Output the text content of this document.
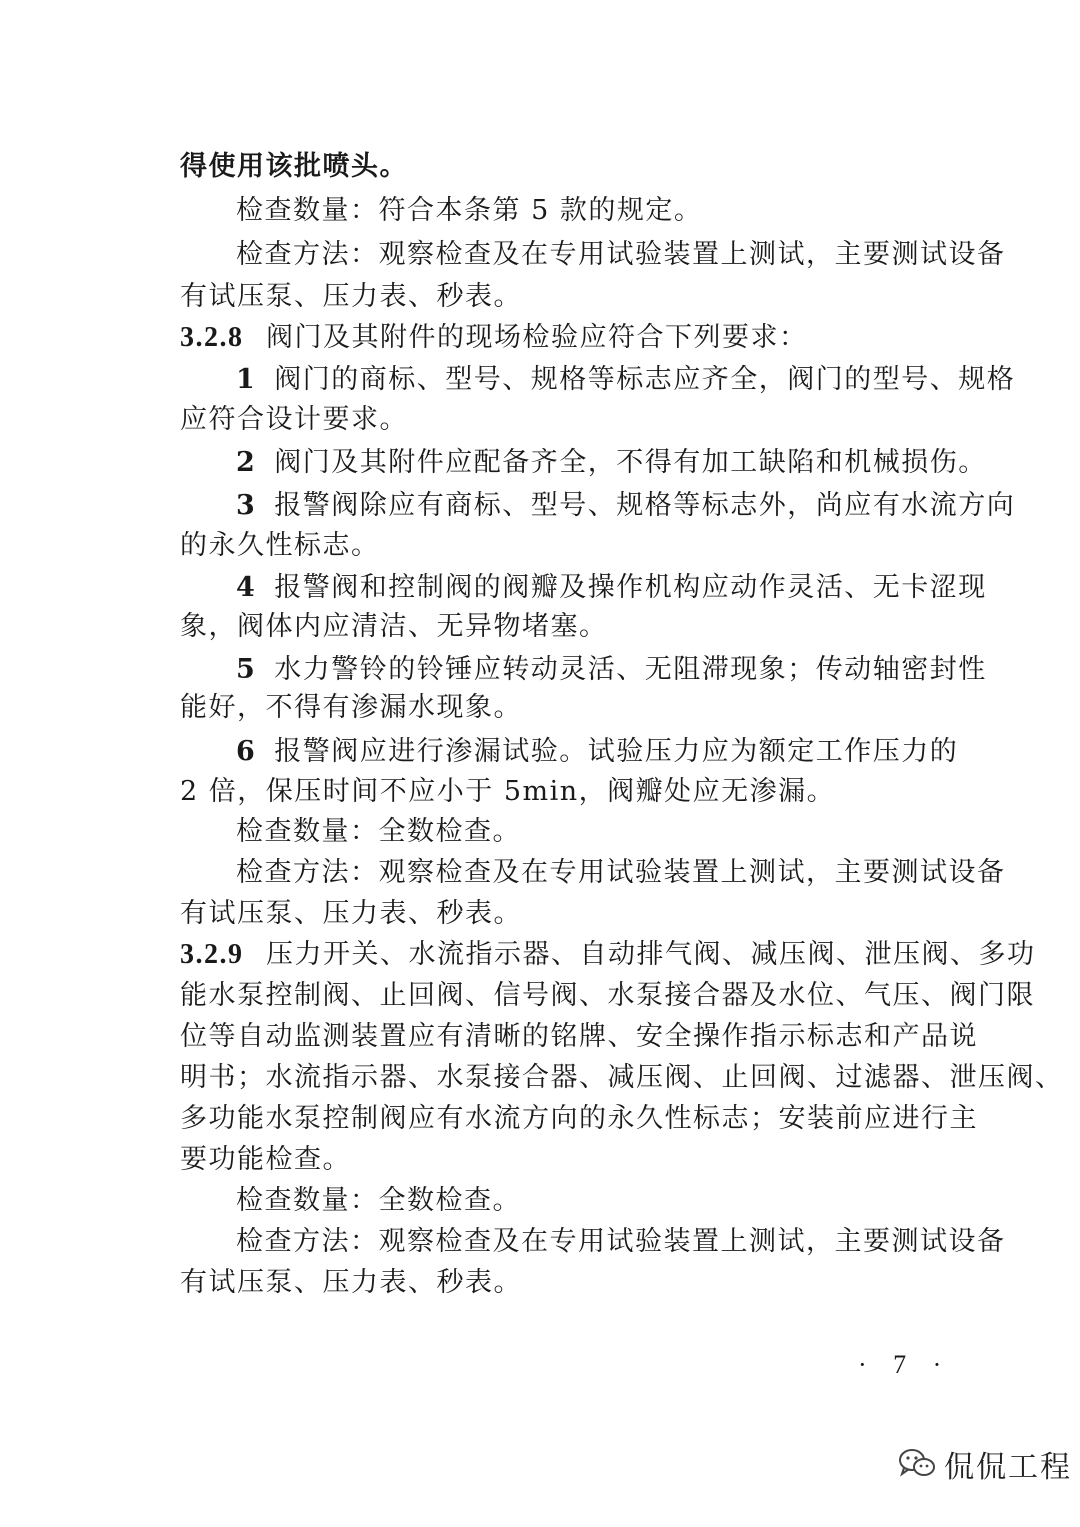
得使用该批喷头。
检查数量：符合本条第 5 款的规定。
检查方法：观察检查及在专用试验装置上测试，主要测试设备
有试压泵、压力表、秒表。
3.2.8 阀门及其附件的现场检验应符合下列要求：
1 阀门的商标、型号、规格等标志应齐全，阀门的型号、规格
应符合设计要求。
2 阀门及其附件应配备齐全，不得有加工缺陷和机械损伤。
3 报警阀除应有商标、型号、规格等标志外，尚应有水流方向
的永久性标志。
4 报警阀和控制阀的阀瓣及操作机构应动作灵活、无卡涩现
象，阀体内应清洁、无异物堵塞。
5 水力警铃的铃锤应转动灵活、无阻滞现象；传动轴密封性
能好，不得有渗漏水现象。
6 报警阀应进行渗漏试验。试验压力应为额定工作压力的
2 倍，保压时间不应小于 5min，阀瓣处应无渗漏。
检查数量：全数检查。
检查方法：观察检查及在专用试验装置上测试，主要测试设备
有试压泵、压力表、秒表。
3.2.9 压力开关、水流指示器、自动排气阀、减压阀、泄压阀、多功
能水泵控制阀、止回阀、信号阀、水泵接合器及水位、气压、阀门限
位等自动监测装置应有清晰的铭牌、安全操作指示标志和产品说
明书；水流指示器、水泵接合器、减压阀、止回阀、过滤器、泄压阀、
多功能水泵控制阀应有水流方向的永久性标志；安装前应进行主
要功能检查。
检查数量：全数检查。
检查方法：观察检查及在专用试验装置上测试，主要测试设备
有试压泵、压力表、秒表。
· 7 ·
侃侃工程
